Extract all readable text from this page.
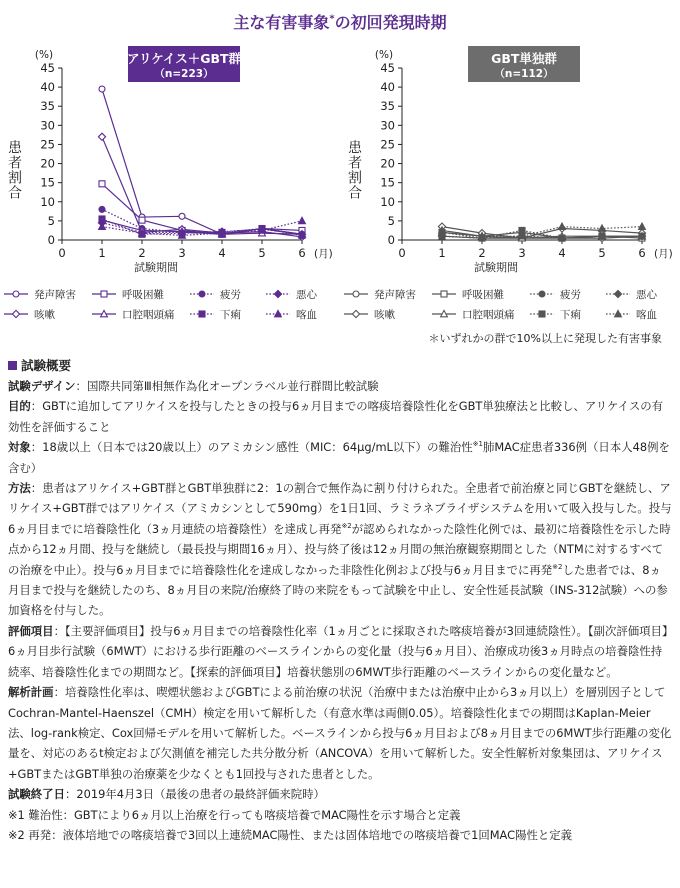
主な有害事象*の初回発現時期
アリケイス＋GBT群
（n=223）
0
5
10
15
20
25
30
35
40
45
(%)
患者割合
0	1	2	3	4	5	6 (月)
試験期間
発声障害	呼吸困難	疲労	悪心
咳嗽	口腔咽頭痛	下痢	喀血
GBT単独群
（n=112）
0
5
10
15
20
25
30
35
40
45
(%)
患者割合
0	1	2	3	4	5	6 (月)
試験期間
発声障害	呼吸困難	疲労	悪心
咳嗽	口腔咽頭痛	下痢	喀血
＊いずれかの群で10%以上に発現した有害事象
試験概要

試験デザイン：国際共同第Ⅲ相無作為化オープンラベル並行群間比較試験

目的：GBTに追加してアリケイスを投与したときの投与6ヵ月目までの喀痰培養陰性化をGBT単独療法と比較し、アリケイスの有効性を評価すること

対象：18歳以上（日本では20歳以上）のアミカシン感性（MIC：64μg/mL以下）の難治性$^{※1}$肺MAC症患者336例（日本人48例を含む）

方法：患者はアリケイス+GBT群とGBT単独群に2：1の割合で無作為に割り付けられた。全患者で前治療と同じGBTを継続し、アリケイス+GBT群ではアリケイス（アミカシンとして590mg）を1日1回、ラミラネブライザシステムを用いて吸入投与した。投与6ヵ月目までに培養陰性化（3ヵ月連続の培養陰性）を達成し再発$^{※2}$が認められなかった陰性化例では、最初に培養陰性を示した時点から12ヵ月間、投与を継続し（最長投与期間16ヵ月）、投与終了後は12ヵ月間の無治療観察期間とした（NTMに対するすべての治療を中止）。投与6ヵ月目までに培養陰性化を達成しなかった非陰性化例および投与6ヵ月目までに再発$^{※2}$した患者では、8ヵ月目まで投与を継続したのち、8ヵ月目の来院/治療終了時の来院をもって試験を中止し、安全性延長試験（INS-312試験）への参加資格を付与した。

評価項目：【主要評価項目】投与6ヵ月目までの培養陰性化率（1ヵ月ごとに採取された喀痰培養が3回連続陰性）。【副次評価項目】6ヵ月目歩行試験（6MWT）における歩行距離のベースラインからの変化量（投与6ヵ月目）、治療成功後3ヵ月時点の培養陰性持続率、培養陰性化までの期間など。【探索的評価項目】培養状態別の6MWT歩行距離のベースラインからの変化量など。

解析計画：培養陰性化率は、喫煙状態およびGBTによる前治療の状況（治療中または治療中止から3ヵ月以上）を層別因子としてCochran-Mantel-Haenszel（CMH）検定を用いて解析した（有意水準は両側0.05）。培養陰性化までの期間はKaplan-Meier法、log-rank検定、Cox回帰モデルを用いて解析した。ベースラインから投与6ヵ月目および8ヵ月目までの6MWT歩行距離の変化量を、対応のあるt検定および欠測値を補完した共分散分析（ANCOVA）を用いて解析した。安全性解析対象集団は、アリケイス+GBTまたはGBT単独の治療薬を少なくとも1回投与された患者とした。

試験終了日：2019年4月3日（最後の患者の最終評価来院時）

※1 難治性：GBTにより6ヵ月以上治療を行っても喀痰培養でMAC陽性を示す場合と定義

※2 再発：液体培地での喀痰培養で3回以上連続MAC陽性、または固体培地での喀痰培養で1回MAC陽性と定義
